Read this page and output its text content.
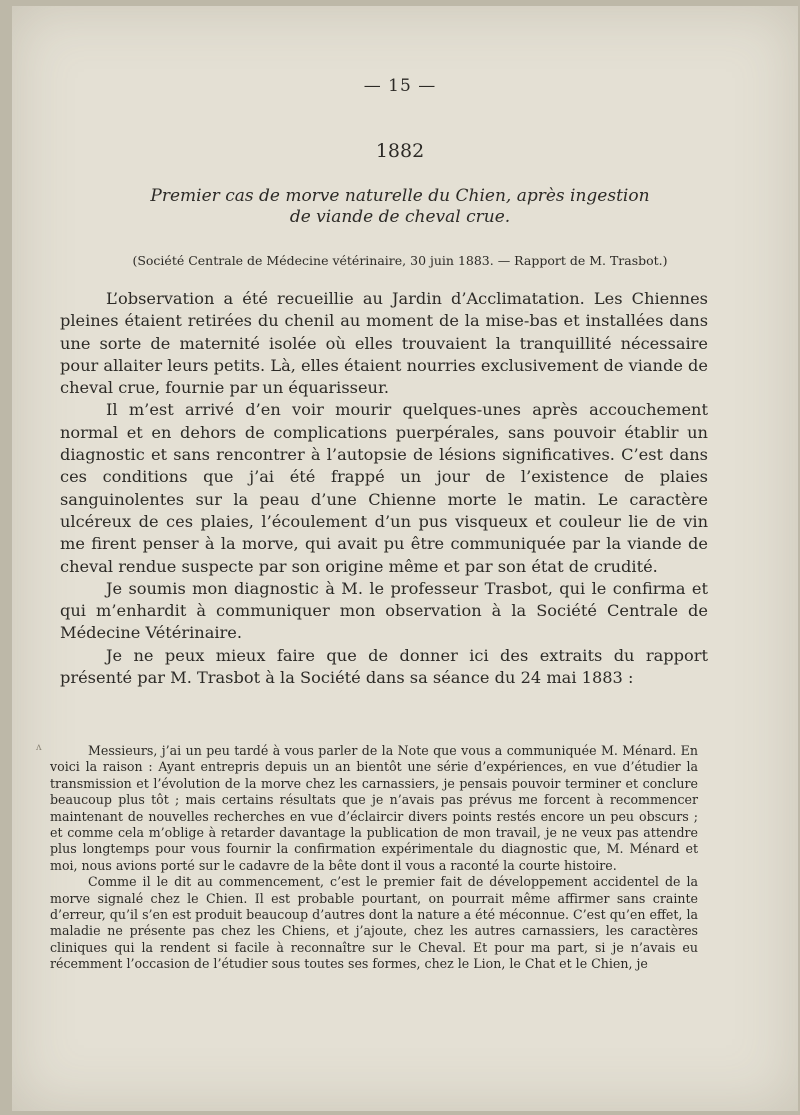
— 15 —
1882
Premier cas de morve naturelle du Chien, après ingestion de viande de cheval crue.
(Société Centrale de Médecine vétérinaire, 30 juin 1883. — Rapport de M. Trasbot.)

L’observation a été recueillie au Jardin d’Acclimatation. Les Chiennes pleines étaient retirées du chenil au moment de la mise-bas et installées dans une sorte de maternité isolée où elles trouvaient la tranquillité nécessaire pour allaiter leurs petits. Là, elles étaient nourries exclusivement de viande de cheval crue, fournie par un équarisseur.

Il m’est arrivé d’en voir mourir quelques-unes après accouchement normal et en dehors de complications puerpérales, sans pouvoir établir un diagnostic et sans rencontrer à l’autopsie de lésions significatives. C’est dans ces conditions que j’ai été frappé un jour de l’existence de plaies sanguinolentes sur la peau d’une Chienne morte le matin. Le caractère ulcéreux de ces plaies, l’écoulement d’un pus visqueux et couleur lie de vin me firent penser à la morve, qui avait pu être communiquée par la viande de cheval rendue suspecte par son origine même et par son état de crudité.

Je soumis mon diagnostic à M. le professeur Trasbot, qui le confirma et qui m’enhardit à communiquer mon observation à la Société Centrale de Médecine Vétérinaire.

Je ne peux mieux faire que de donner ici des extraits du rapport présenté par M. Trasbot à la Société dans sa séance du 24 mai 1883 :

ʌ	Messieurs, j’ai un peu tardé à vous parler de la Note que vous a communiquée M. Ménard. En voici la raison : Ayant entrepris depuis un an bientôt une série d’expériences, en vue d’étudier la transmission et l’évolution de la morve chez les carnassiers, je pensais pouvoir terminer et conclure beaucoup plus tôt ; mais certains résultats que je n’avais pas prévus me forcent à recommencer maintenant de nouvelles recherches en vue d’éclaircir divers points restés encore un peu obscurs ; et comme cela m’oblige à retarder davantage la publication de mon travail, je ne veux pas attendre plus longtemps pour vous fournir la confirmation expérimentale du diagnostic que, M. Ménard et moi, nous avions porté sur le cadavre de la bête dont il vous a raconté la courte histoire.

Comme il le dit au commencement, c’est le premier fait de développement accidentel de la morve signalé chez le Chien. Il est probable pourtant, on pourrait même affirmer sans crainte d’erreur, qu’il s’en est produit beaucoup d’autres dont la nature a été méconnue. C’est qu’en effet, la maladie ne présente pas chez les Chiens, et j’ajoute, chez les autres carnassiers, les caractères cliniques qui la rendent si facile à reconnaître sur le Cheval. Et pour ma part, si je n’avais eu récemment l’occasion de l’étudier sous toutes ses formes, chez le Lion, le Chat et le Chien, je
